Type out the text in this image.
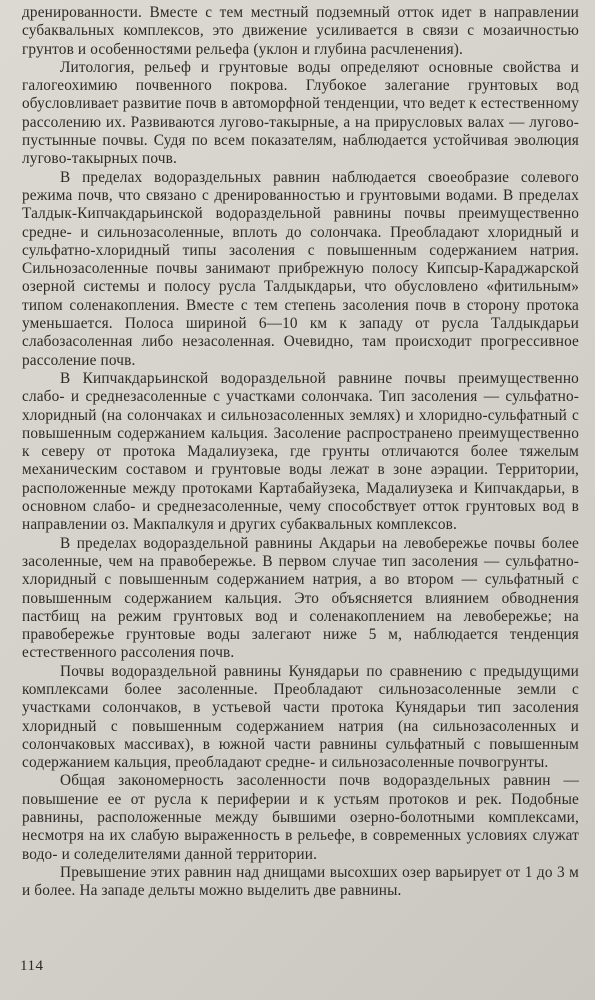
дренированности. Вместе с тем местный подземный отток идет в направлении субаквальных комплексов, это движение усиливается в связи с мозаичностью грунтов и особенностями рельефа (уклон и глубина расчленения).

Литология, рельеф и грунтовые воды определяют основные свойства и галогеохимию почвенного покрова. Глубокое залегание грунтовых вод обусловливает развитие почв в автоморфной тенденции, что ведет к естественному рассолению их. Развиваются лугово-такырные, а на прирусловых валах — лугово-пустынные почвы. Судя по всем показателям, наблюдается устойчивая эволюция лугово-такырных почв.

В пределах водораздельных равнин наблюдается своеобразие солевого режима почв, что связано с дренированностью и грунтовыми водами. В пределах Талдык-Кипчакдарьинской водораздельной равнины почвы преимущественно средне- и сильнозасоленные, вплоть до солончака. Преобладают хлоридный и сульфатно-хлоридный типы засоления с повышенным содержанием натрия. Сильнозасоленные почвы занимают прибрежную полосу Кипсыр-Караджарской озерной системы и полосу русла Талдыкдарьи, что обусловлено «фитильным» типом соленакопления. Вместе с тем степень засоления почв в сторону протока уменьшается. Полоса шириной 6—10 км к западу от русла Талдыкдарьи слабозасоленная либо незасоленная. Очевидно, там происходит прогрессивное рассоление почв.

В Кипчакдарьинской водораздельной равнине почвы преимущественно слабо- и среднезасоленные с участками солончака. Тип засоления — сульфатно-хлоридный (на солончаках и сильнозасоленных землях) и хлоридно-сульфатный с повышенным содержанием кальция. Засоление распространено преимущественно к северу от протока Мадалиузека, где грунты отличаются более тяжелым механическим составом и грунтовые воды лежат в зоне аэрации. Территории, расположенные между протоками Картабайузека, Мадалиузека и Кипчакдарьи, в основном слабо- и среднезасоленные, чему способствует отток грунтовых вод в направлении оз. Макпалкуля и других субаквальных комплексов.

В пределах водораздельной равнины Акдарьи на левобережье почвы более засоленные, чем на правобережье. В первом случае тип засоления — сульфатно-хлоридный с повышенным содержанием натрия, а во втором — сульфатный с повышенным содержанием кальция. Это объясняется влиянием обводнения пастбищ на режим грунтовых вод и соленакоплением на левобережье; на правобережье грунтовые воды залегают ниже 5 м, наблюдается тенденция естественного рассоления почв.

Почвы водораздельной равнины Кунядарьи по сравнению с предыдущими комплексами более засоленные. Преобладают сильнозасоленные земли с участками солончаков, в устьевой части протока Кунядарьи тип засоления хлоридный с повышенным содержанием натрия (на сильнозасоленных и солончаковых массивах), в южной части равнины сульфатный с повышенным содержанием кальция, преобладают средне- и сильнозасоленные почвогрунты.

Общая закономерность засоленности почв водораздельных равнин — повышение ее от русла к периферии и к устьям протоков и рек. Подобные равнины, расположенные между бывшими озерно-болотными комплексами, несмотря на их слабую выраженность в рельефе, в современных условиях служат водо- и соледелителями данной территории.

Превышение этих равнин над днищами высохших озер варьирует от 1 до 3 м и более. На западе дельты можно выделить две равнины.

114
